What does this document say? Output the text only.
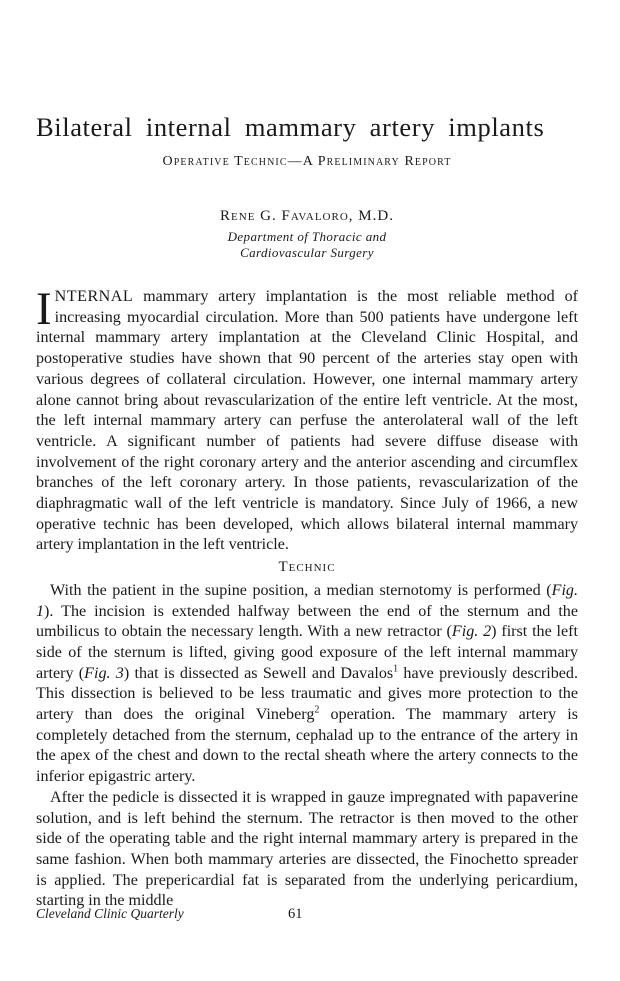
Bilateral internal mammary artery implants
Operative Technic—A Preliminary Report
Rene G. Favaloro, M.D.
Department of Thoracic and
Cardiovascular Surgery

INTERNAL mammary artery implantation is the most reliable method of increasing myocardial circulation. More than 500 patients have undergone left internal mammary artery implantation at the Cleveland Clinic Hospital, and postoperative studies have shown that 90 percent of the arteries stay open with various degrees of collateral circulation. However, one internal mammary artery alone cannot bring about revascularization of the entire left ventricle. At the most, the left internal mammary artery can perfuse the anterolateral wall of the left ventricle. A significant number of patients had severe diffuse disease with involvement of the right coronary artery and the anterior ascending and circumflex branches of the left coronary artery. In those patients, revascularization of the diaphragmatic wall of the left ventricle is mandatory. Since July of 1966, a new operative technic has been developed, which allows bilateral internal mammary artery implantation in the left ventricle.

Technic

With the patient in the supine position, a median sternotomy is performed (Fig. 1). The incision is extended halfway between the end of the sternum and the umbilicus to obtain the necessary length. With a new retractor (Fig. 2) first the left side of the sternum is lifted, giving good exposure of the left internal mammary artery (Fig. 3) that is dissected as Sewell and Davalos$^1$ have previously described. This dissection is believed to be less traumatic and gives more protection to the artery than does the original Vineberg$^2$ operation. The mammary artery is completely detached from the sternum, cephalad up to the entrance of the artery in the apex of the chest and down to the rectal sheath where the artery connects to the inferior epigastric artery.

After the pedicle is dissected it is wrapped in gauze impregnated with papaverine solution, and is left behind the sternum. The retractor is then moved to the other side of the operating table and the right internal mammary artery is prepared in the same fashion. When both mammary arteries are dissected, the Finochetto spreader is applied. The prepericardial fat is separated from the underlying pericardium, starting in the middle

Cleveland Clinic Quarterly	61
